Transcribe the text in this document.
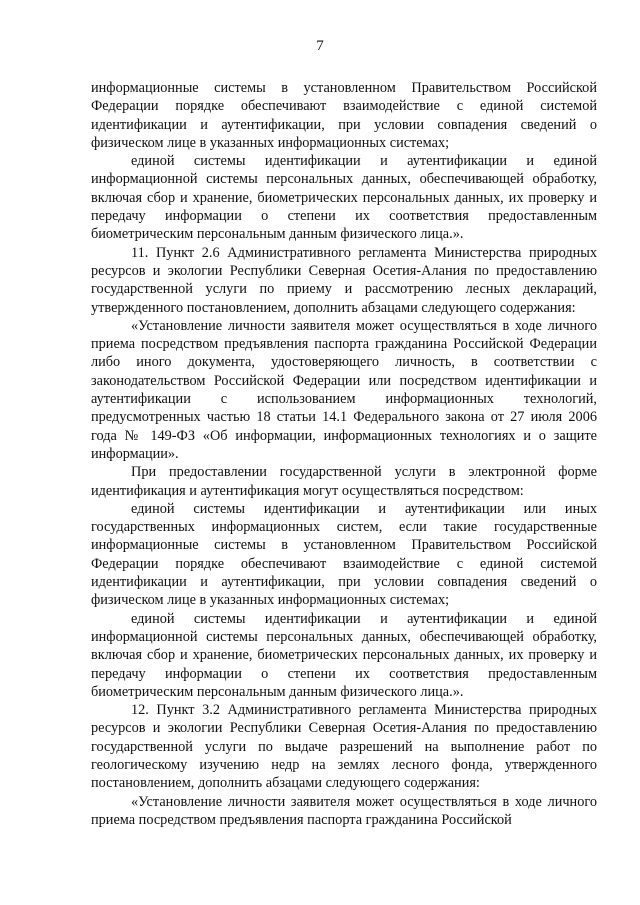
7

информационные системы в установленном Правительством Российской Федерации порядке обеспечивают взаимодействие с единой системой идентификации и аутентификации, при условии совпадения сведений о физическом лице в указанных информационных системах;

единой системы идентификации и аутентификации и единой информационной системы персональных данных, обеспечивающей обработку, включая сбор и хранение, биометрических персональных данных, их проверку и передачу информации о степени их соответствия предоставленным биометрическим персональным данным физического лица.».

11. Пункт 2.6 Административного регламента Министерства природных ресурсов и экологии Республики Северная Осетия-Алания по предоставлению государственной услуги по приему и рассмотрению лесных деклараций, утвержденного постановлением, дополнить абзацами следующего содержания:

«Установление личности заявителя может осуществляться в ходе личного приема посредством предъявления паспорта гражданина Российской Федерации либо иного документа, удостоверяющего личность, в соответствии с законодательством Российской Федерации или посредством идентификации и аутентификации с использованием информационных технологий, предусмотренных частью 18 статьи 14.1 Федерального закона от 27 июля 2006 года № 149-ФЗ «Об информации, информационных технологиях и о защите информации».

При предоставлении государственной услуги в электронной форме идентификация и аутентификация могут осуществляться посредством:

единой системы идентификации и аутентификации или иных государственных информационных систем, если такие государственные информационные системы в установленном Правительством Российской Федерации порядке обеспечивают взаимодействие с единой системой идентификации и аутентификации, при условии совпадения сведений о физическом лице в указанных информационных системах;

единой системы идентификации и аутентификации и единой информационной системы персональных данных, обеспечивающей обработку, включая сбор и хранение, биометрических персональных данных, их проверку и передачу информации о степени их соответствия предоставленным биометрическим персональным данным физического лица.».

12. Пункт 3.2 Административного регламента Министерства природных ресурсов и экологии Республики Северная Осетия-Алания по предоставлению государственной услуги по выдаче разрешений на выполнение работ по геологическому изучению недр на землях лесного фонда, утвержденного постановлением, дополнить абзацами следующего содержания:

«Установление личности заявителя может осуществляться в ходе личного приема посредством предъявления паспорта гражданина Российской
